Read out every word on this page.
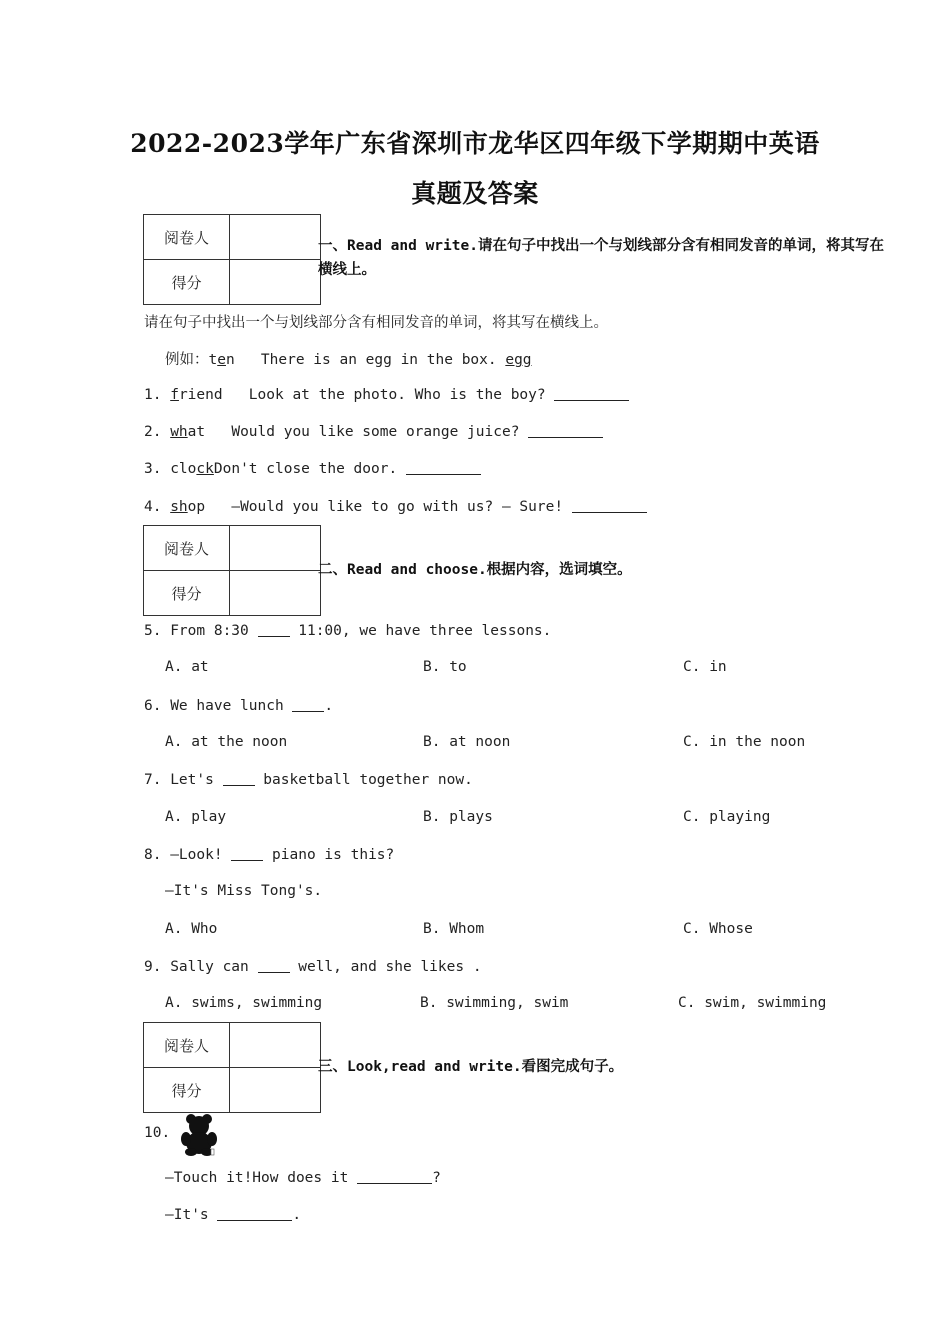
2022-2023学年广东省深圳市龙华区四年级下学期期中英语
真题及答案
阅卷人	
得分	
一、Read and write.请在句子中找出一个与划线部分含有相同发音的单词，将其写在
横线上。
请在句子中找出一个与划线部分含有相同发音的单词，将其写在横线上。
例如：ten There is an egg in the box. egg
1. friend Look at the photo. Who is the boy?
2. what Would you like some orange juice?
3. clockDon't close the door.
4. shop —Would you like to go with us? — Sure!
阅卷人	
得分	
二、Read and choose.根据内容，选词填空。
5. From 8:30  11:00, we have three lessons.
A. at	B. to	C. in
6. We have lunch .
A. at the noon	B. at noon	C. in the noon
7. Let's  basketball together now.
A. play	B. plays	C. playing
8. —Look!  piano is this?
—It's Miss Tong's.
A. Who	B. Whom	C. Whose
9. Sally can  well, and she likes .
A. swims, swimming	B. swimming, swim	C. swim, swimming
阅卷人	
得分	
三、Look,read and write.看图完成句子。
10.
—Touch it!How does it	?
—It's	.
